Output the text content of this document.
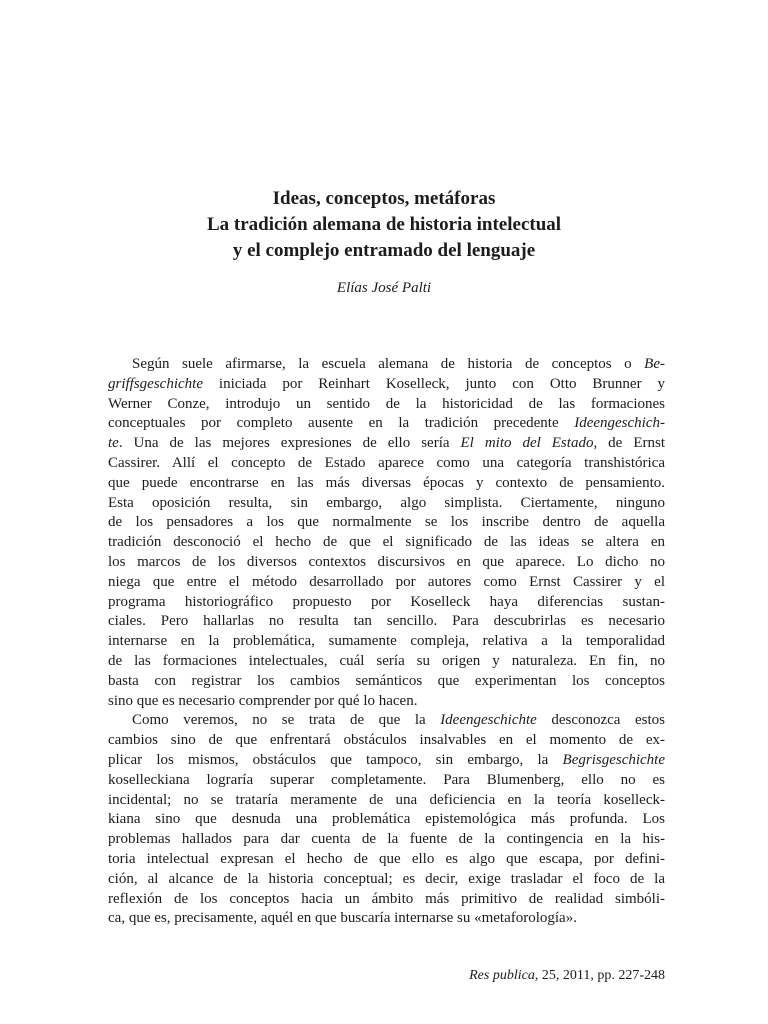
Ideas, conceptos, metáforas
La tradición alemana de historia intelectual
y el complejo entramado del lenguaje
Elías José Palti
Según suele afirmarse, la escuela alemana de historia de conceptos o Be-
griffsgeschichte iniciada por Reinhart Koselleck, junto con Otto Brunner y
Werner Conze, introdujo un sentido de la historicidad de las formaciones
conceptuales por completo ausente en la tradición precedente Ideengeschich-
te. Una de las mejores expresiones de ello sería El mito del Estado, de Ernst
Cassirer. Allí el concepto de Estado aparece como una categoría transhistórica
que puede encontrarse en las más diversas épocas y contexto de pensamiento.
Esta oposición resulta, sin embargo, algo simplista. Ciertamente, ninguno
de los pensadores a los que normalmente se los inscribe dentro de aquella
tradición desconoció el hecho de que el significado de las ideas se altera en
los marcos de los diversos contextos discursivos en que aparece. Lo dicho no
niega que entre el método desarrollado por autores como Ernst Cassirer y el
programa historiográfico propuesto por Koselleck haya diferencias sustan-
ciales. Pero hallarlas no resulta tan sencillo. Para descubrirlas es necesario
internarse en la problemática, sumamente compleja, relativa a la temporalidad
de las formaciones intelectuales, cuál sería su origen y naturaleza. En fin, no
basta con registrar los cambios semánticos que experimentan los conceptos
sino que es necesario comprender por qué lo hacen.
Como veremos, no se trata de que la Ideengeschichte desconozca estos
cambios sino de que enfrentará obstáculos insalvables en el momento de ex-
plicar los mismos, obstáculos que tampoco, sin embargo, la Begrisgeschichte
koselleckiana lograría superar completamente. Para Blumenberg, ello no es
incidental; no se trataría meramente de una deficiencia en la teoría koselleck-
kiana sino que desnuda una problemática epistemológica más profunda. Los
problemas hallados para dar cuenta de la fuente de la contingencia en la his-
toria intelectual expresan el hecho de que ello es algo que escapa, por defini-
ción, al alcance de la historia conceptual; es decir, exige trasladar el foco de la
reflexión de los conceptos hacia un ámbito más primitivo de realidad simbóli-
ca, que es, precisamente, aquél en que buscaría internarse su «metaforología».
Res publica, 25, 2011, pp. 227-248
